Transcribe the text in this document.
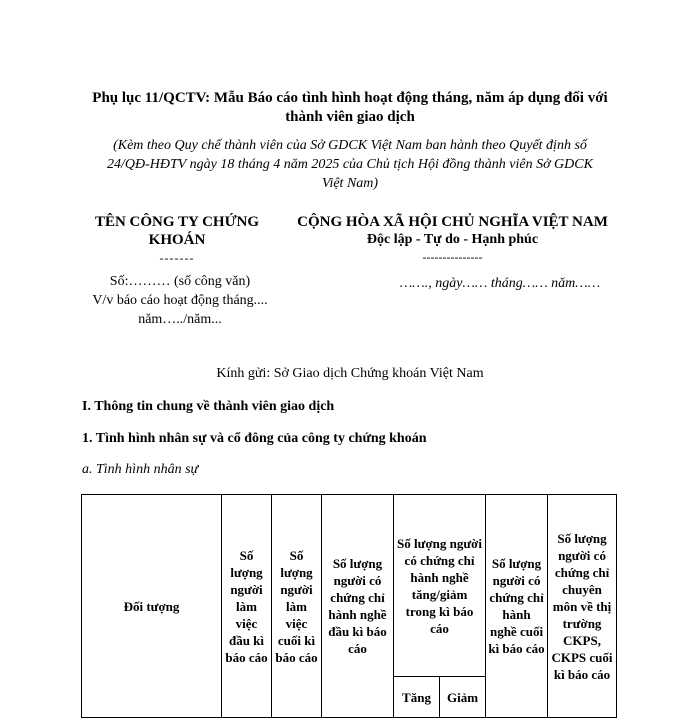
Phụ lục 11/QCTV: Mẫu Báo cáo tình hình hoạt động tháng, năm áp dụng đối với
thành viên giao dịch
(Kèm theo Quy chế thành viên của Sở GDCK Việt Nam ban hành theo Quyết định số
24/QĐ-HĐTV ngày 18 tháng 4 năm 2025 của Chủ tịch Hội đồng thành viên Sở GDCK
Việt Nam)
TÊN CÔNG TY CHỨNG
KHOÁN
-------
CỘNG HÒA XÃ HỘI CHỦ NGHĨA VIỆT NAM
Độc lập - Tự do - Hạnh phúc
---------------
Số:……… (số công văn)
V/v báo cáo hoạt động tháng....
năm…../năm...
……., ngày…… tháng…… năm……
Kính gửi: Sở Giao dịch Chứng khoán Việt Nam
I. Thông tin chung về thành viên giao dịch
1. Tình hình nhân sự và cổ đông của công ty chứng khoán
a. Tình hình nhân sự
Đối tượng	Số lượng người làm việc đầu kì báo cáo	Số lượng người làm việc cuối kì báo cáo	Số lượng người có chứng chỉ hành nghề đầu kì báo cáo	Số lượng người có chứng chỉ hành nghề tăng/giảm trong kì báo cáo		Số lượng người có chứng chỉ hành nghề cuối kì báo cáo	Số lượng người có chứng chỉ chuyên môn về thị trường CKPS, CKPS cuối kì báo cáo
				Tăng	Giảm		
